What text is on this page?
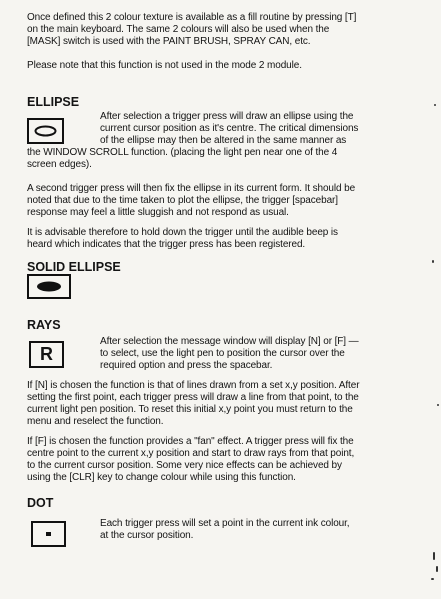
Once defined this 2 colour texture is available as a fill routine by pressing [T]
on the main keyboard. The same 2 colours will also be used when the
[MASK] switch is used with the PAINT BRUSH, SPRAY CAN, etc.
Please note that this function is not used in the mode 2 module.
ELLIPSE
After selection a trigger press will draw an ellipse using the
current cursor position as it's centre. The critical dimensions
of the ellipse may then be altered in the same manner as
the WINDOW SCROLL function. (placing the light pen near one of the 4
screen edges).
A second trigger press will then fix the ellipse in its current form. It should be
noted that due to the time taken to plot the ellipse, the trigger [spacebar]
response may feel a little sluggish and not respond as usual.
It is advisable therefore to hold down the trigger until the audible beep is
heard which indicates that the trigger press has been registered.
SOLID ELLIPSE
RAYS
R
After selection the message window will display [N] or [F] —
to select, use the light pen to position the cursor over the
required option and press the spacebar.
If [N] is chosen the function is that of lines drawn from a set x,y position. After
setting the first point, each trigger press will draw a line from that point, to the
current light pen position. To reset this initial x,y point you must return to the
menu and reselect the function.
If [F] is chosen the function provides a "fan" effect. A trigger press will fix the
centre point to the current x,y position and start to draw rays from that point,
to the current cursor position. Some very nice effects can be achieved by
using the [CLR] key to change colour while using this function.
DOT
Each trigger press will set a point in the current ink colour,
at the cursor position.
